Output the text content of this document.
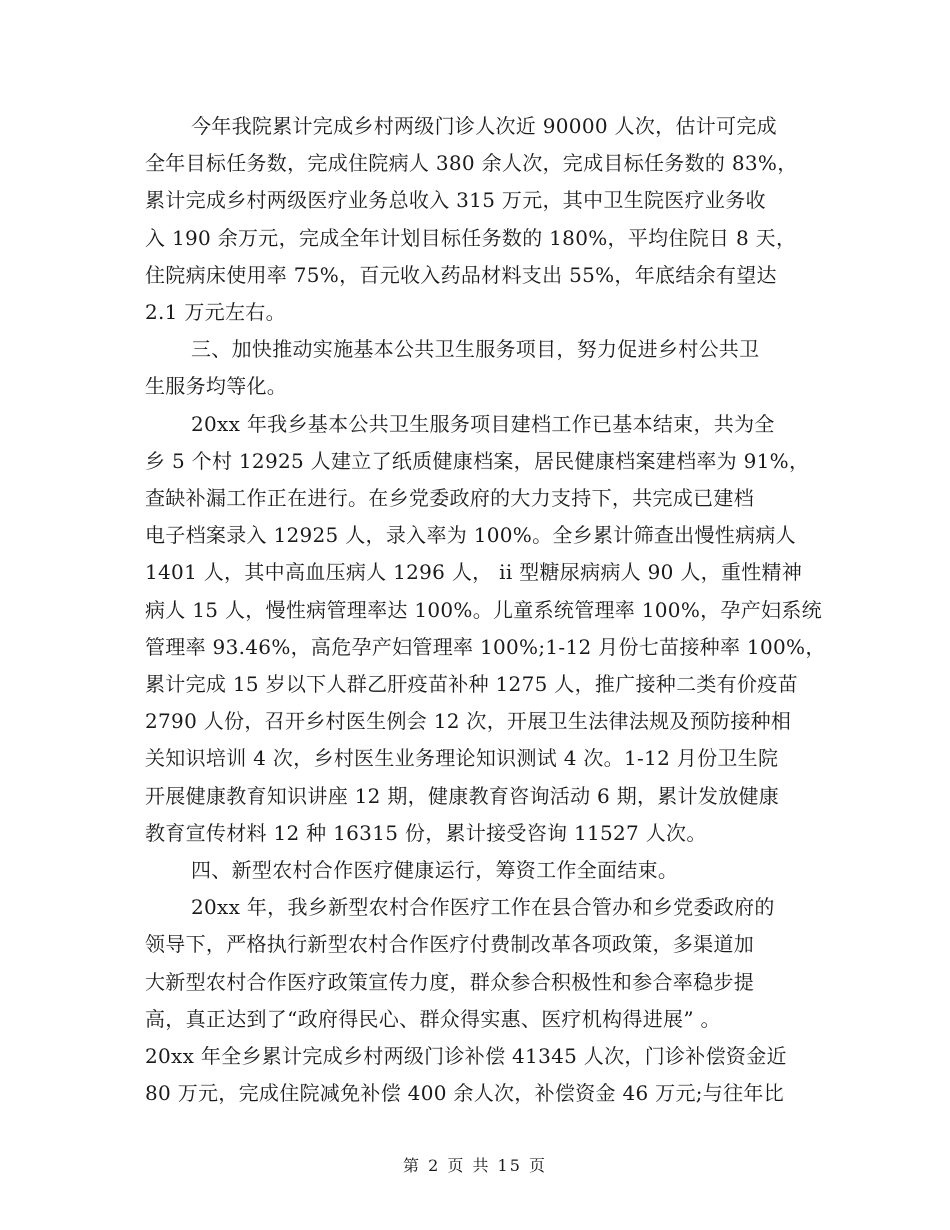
今年我院累计完成乡村两级门诊人次近 90000 人次，估计可完成
全年目标任务数，完成住院病人 380 余人次，完成目标任务数的 83%，
累计完成乡村两级医疗业务总收入 315 万元，其中卫生院医疗业务收
入 190 余万元，完成全年计划目标任务数的 180%，平均住院日 8 天，
住院病床使用率 75%，百元收入药品材料支出 55%，年底结余有望达
2.1 万元左右。

三、加快推动实施基本公共卫生服务项目，努力促进乡村公共卫
生服务均等化。

20xx 年我乡基本公共卫生服务项目建档工作已基本结束，共为全
乡 5 个村 12925 人建立了纸质健康档案，居民健康档案建档率为 91%，
查缺补漏工作正在进行。在乡党委政府的大力支持下，共完成已建档
电子档案录入 12925 人，录入率为 100%。全乡累计筛查出慢性病病人
1401 人，其中高血压病人 1296 人， ii 型糖尿病病人 90 人，重性精神
病人 15 人，慢性病管理率达 100%。儿童系统管理率 100%，孕产妇系统
管理率 93.46%，高危孕产妇管理率 100%;1-12 月份七苗接种率 100%，
累计完成 15 岁以下人群乙肝疫苗补种 1275 人，推广接种二类有价疫苗
2790 人份，召开乡村医生例会 12 次，开展卫生法律法规及预防接种相
关知识培训 4 次，乡村医生业务理论知识测试 4 次。1-12 月份卫生院
开展健康教育知识讲座 12 期，健康教育咨询活动 6 期，累计发放健康
教育宣传材料 12 种 16315 份，累计接受咨询 11527 人次。

四、新型农村合作医疗健康运行，筹资工作全面结束。

20xx 年，我乡新型农村合作医疗工作在县合管办和乡党委政府的
领导下，严格执行新型农村合作医疗付费制改革各项政策，多渠道加
大新型农村合作医疗政策宣传力度，群众参合积极性和参合率稳步提
高，真正达到了“政府得民心、群众得实惠、医疗机构得进展” 。
20xx 年全乡累计完成乡村两级门诊补偿 41345 人次，门诊补偿资金近
80 万元，完成住院减免补偿 400 余人次，补偿资金 46 万元;与往年比

第 2 页 共 15 页
